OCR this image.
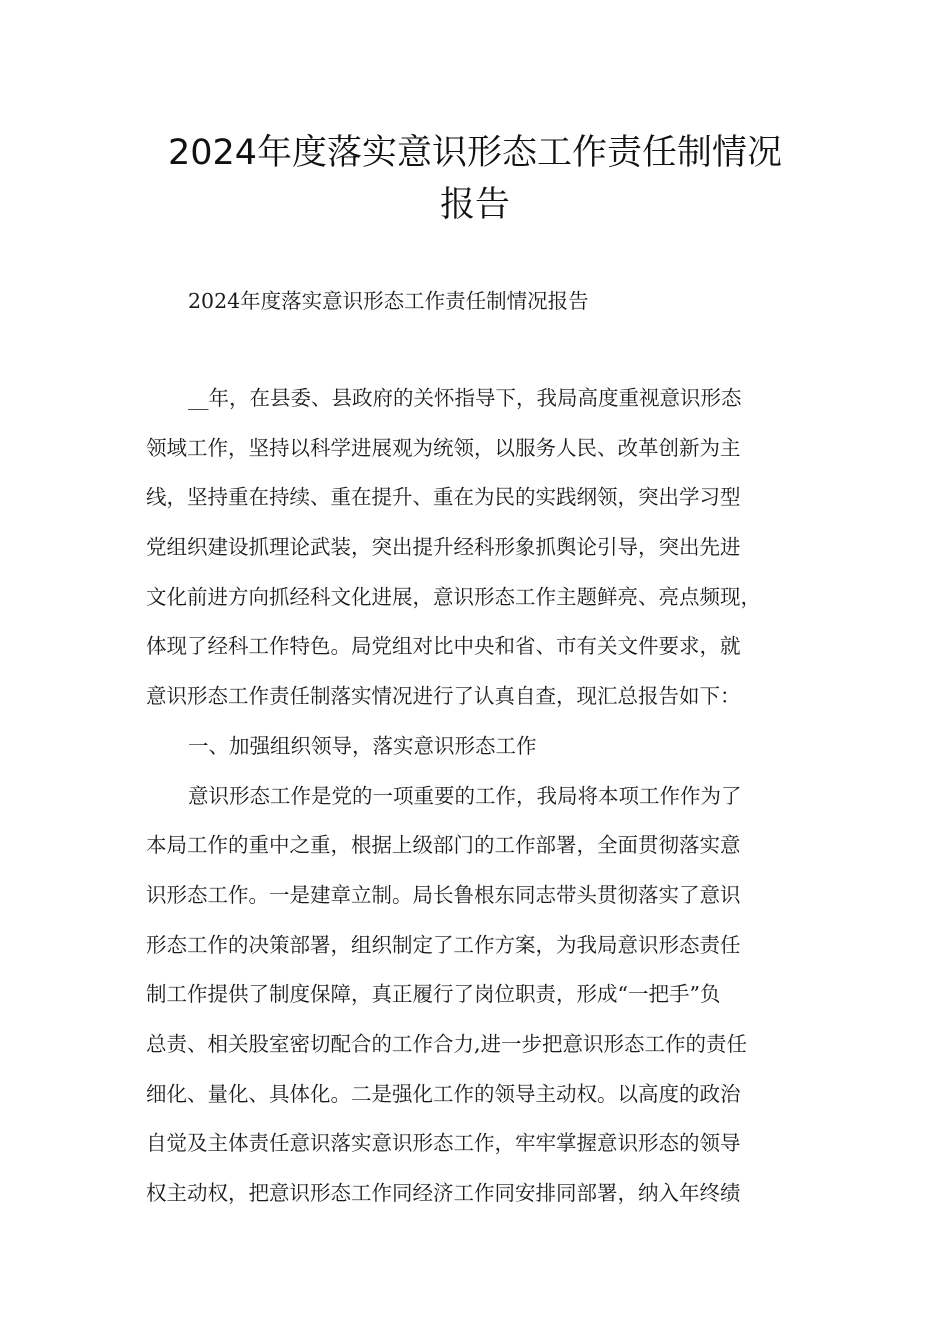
2024年度落实意识形态工作责任制情况
报告

2024年度落实意识形态工作责任制情况报告

__年，在县委、县政府的关怀指导下，我局高度重视意识形态
领域工作，坚持以科学进展观为统领，以服务人民、改革创新为主
线，坚持重在持续、重在提升、重在为民的实践纲领，突出学习型
党组织建设抓理论武装，突出提升经科形象抓舆论引导，突出先进
文化前进方向抓经科文化进展，意识形态工作主题鲜亮、亮点频现，
体现了经科工作特色。局党组对比中央和省、市有关文件要求，就
意识形态工作责任制落实情况进行了认真自查，现汇总报告如下：
一、加强组织领导，落实意识形态工作
意识形态工作是党的一项重要的工作，我局将本项工作作为了
本局工作的重中之重，根据上级部门的工作部署，全面贯彻落实意
识形态工作。一是建章立制。局长鲁根东同志带头贯彻落实了意识
形态工作的决策部署，组织制定了工作方案，为我局意识形态责任
制工作提供了制度保障，真正履行了岗位职责，形成“一把手”负
总责、相关股室密切配合的工作合力,进一步把意识形态工作的责任
细化、量化、具体化。二是强化工作的领导主动权。以高度的政治
自觉及主体责任意识落实意识形态工作，牢牢掌握意识形态的领导
权主动权，把意识形态工作同经济工作同安排同部署，纳入年终绩
